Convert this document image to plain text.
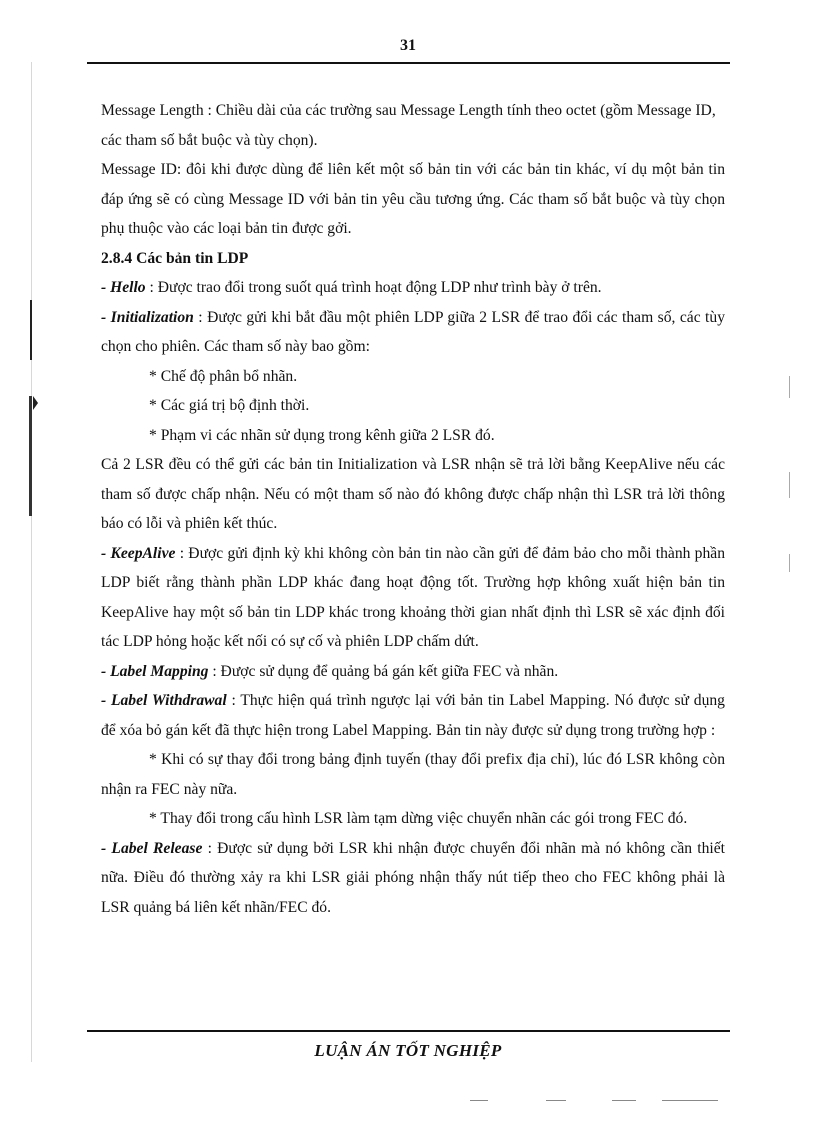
31

Message Length : Chiều dài của các trường sau Message Length tính theo octet (gồm Message ID, các tham số bắt buộc và tùy chọn).

Message ID: đôi khi được dùng để liên kết một số bản tin với các bản tin khác, ví dụ một bản tin đáp ứng sẽ có cùng Message ID với bản tin yêu cầu tương ứng. Các tham số bắt buộc và tùy chọn phụ thuộc vào các loại bản tin được gởi.

2.8.4 Các bản tin LDP

- Hello : Được trao đổi trong suốt quá trình hoạt động LDP như trình bày ở trên.

- Initialization : Được gửi khi bắt đầu một phiên LDP giữa 2 LSR để trao đổi các tham số, các tùy chọn cho phiên. Các tham số này bao gồm:

* Chế độ phân bổ nhãn.

* Các giá trị bộ định thời.

* Phạm vi các nhãn sử dụng trong kênh giữa 2 LSR đó.

Cả 2 LSR đều có thể gửi các bản tin Initialization và LSR nhận sẽ trả lời bằng KeepAlive nếu các tham số được chấp nhận. Nếu có một tham số nào đó không được chấp nhận thì LSR trả lời thông báo có lỗi và phiên kết thúc.

- KeepAlive : Được gửi định kỳ khi không còn bản tin nào cần gửi để đảm bảo cho mỗi thành phần LDP biết rằng thành phần LDP khác đang hoạt động tốt. Trường hợp không xuất hiện bản tin KeepAlive hay một số bản tin LDP khác trong khoảng thời gian nhất định thì LSR sẽ xác định đối tác LDP hỏng hoặc kết nối có sự cố và phiên LDP chấm dứt.

- Label Mapping : Được sử dụng để quảng bá gán kết giữa FEC và nhãn.

- Label Withdrawal : Thực hiện quá trình ngược lại với bản tin Label Mapping. Nó được sử dụng để xóa bỏ gán kết đã thực hiện trong Label Mapping. Bản tin này được sử dụng trong trường hợp :

* Khi có sự thay đổi trong bảng định tuyến (thay đổi prefix địa chỉ), lúc đó LSR không còn nhận ra FEC này nữa.

* Thay đổi trong cấu hình LSR làm tạm dừng việc chuyển nhãn các gói trong FEC đó.

- Label Release : Được sử dụng bởi LSR khi nhận được chuyển đổi nhãn mà nó không cần thiết nữa. Điều đó thường xảy ra khi LSR giải phóng nhận thấy nút tiếp theo cho FEC không phải là LSR quảng bá liên kết nhãn/FEC đó.

LUẬN ÁN TỐT NGHIỆP
